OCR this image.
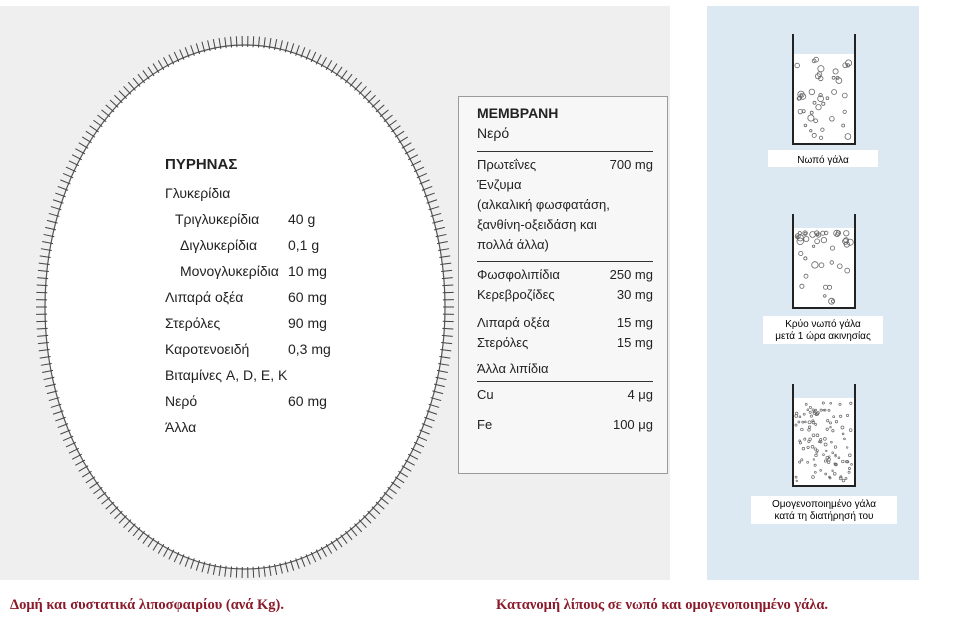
ΠΥΡΗΝΑΣ
Γλυκερίδια
Τριγλυκερίδια 40 g
Διγλυκερίδια 0,1 g
Μονογλυκερίδια 10 mg
Λιπαρά οξέα	60 mg
Στερόλες	90 mg
Καροτενοειδή	0,3 mg
Βιταμίνες A, D, E, K
Νερό	60 mg
Άλλα
ΜΕΜΒΡΑΝΗ
Νερό
Πρωτεΐνες	700 mg
Ένζυμα
(αλκαλική φωσφατάση,
ξανθίνη-οξειδάση και
πολλά άλλα)
Φωσφολιπίδια	250 mg
Κερεβροζίδες	30 mg
Λιπαρά οξέα	15 mg
Στερόλες	15 mg
Άλλα λιπίδια
Cu	4 μg
Fe	100 μg
Νωπό γάλα
Κρύο νωπό γάλα
μετά 1 ώρα ακινησίας
Ομογενοποιημένο γάλα
κατά τη διατήρησή του
Δομή και συστατικά λιποσφαιρίου (ανά Kg).	Κατανομή λίπους σε νωπό και ομογενοποιημένο γάλα.
